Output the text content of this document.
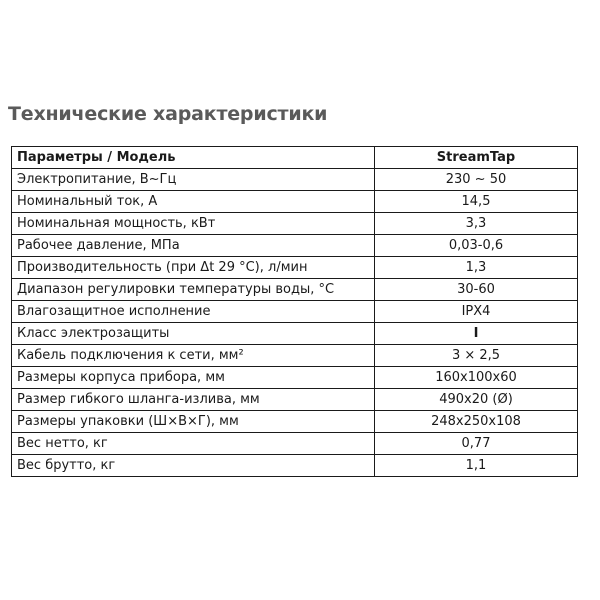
Технические характеристики
Параметры / Модель	StreamTap
Электропитание, В~Гц	230 ~ 50
Номинальный ток, А	14,5
Номинальная мощность, кВт	3,3
Рабочее давление, МПа	0,03-0,6
Производительность (при Δt 29 °С), л/мин	1,3
Диапазон регулировки температуры воды, °С	30-60
Влагозащитное исполнение	IPX4
Класс электрозащиты	I
Кабель подключения к сети, мм²	3 × 2,5
Размеры корпуса прибора, мм	160x100x60
Размер гибкого шланга-излива, мм	490x20 (Ø)
Размеры упаковки (Ш×В×Г), мм	248x250x108
Вес нетто, кг	0,77
Вес брутто, кг	1,1
